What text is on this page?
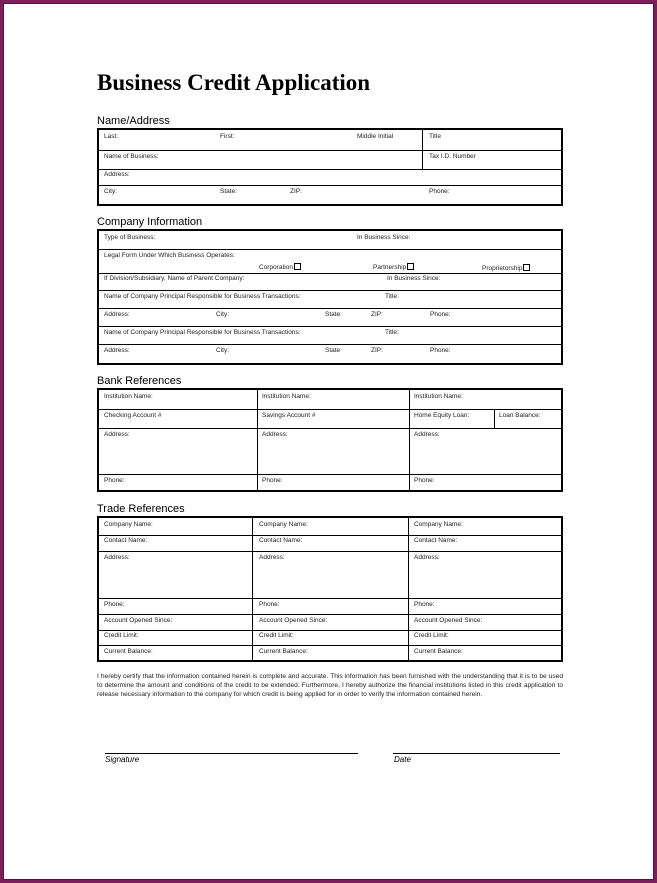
Business Credit Application
Name/Address
Last:	First:	Middle Initial	Title
Name of Business:	Tax I.D. Number
Address:
City:	State:	ZIP:	Phone:
Company Information
Type of Business:	In Business Since:
Legal Form Under Which Business Operates:
Corporation	Partnership	Proprietorship
If Division/Subsidiary, Name of Parent Company:	In Business Since:
Name of Company Principal Responsible for Business Transactions:	Title:
Address:	City:	State	ZIP:	Phone:
Name of Company Principal Responsible for Business Transactions:	Title:
Address:	City:	State	ZIP:	Phone:
Bank References
Institution Name:	Institution Name:	Institution Name:
Checking Account #	Savings Account #	Home Equity Loan:	Loan Balance:
Address:	Address:	Address:
Phone:	Phone:	Phone:
Trade References
Company Name:	Company Name:	Company Name:
Contact Name:	Contact Name:	Contact Name:
Address:	Address:	Address:
Phone:	Phone:	Phone:
Account Opened Since:	Account Opened Since:	Account Opened Since:
Credit Limit:	Credit Limit:	Credit Limit:
Current Balance:	Current Balance:	Current Balance:

I hereby certify that the information contained herein is complete and accurate. This information has been furnished with the understanding that it is to be used to determine the amount and conditions of the credit to be extended. Furthermore, I hereby authorize the financial institutions listed in this credit application to release necessary information to the company for which credit is being applied for in order to verify the information contained herein.

Signature	Date
